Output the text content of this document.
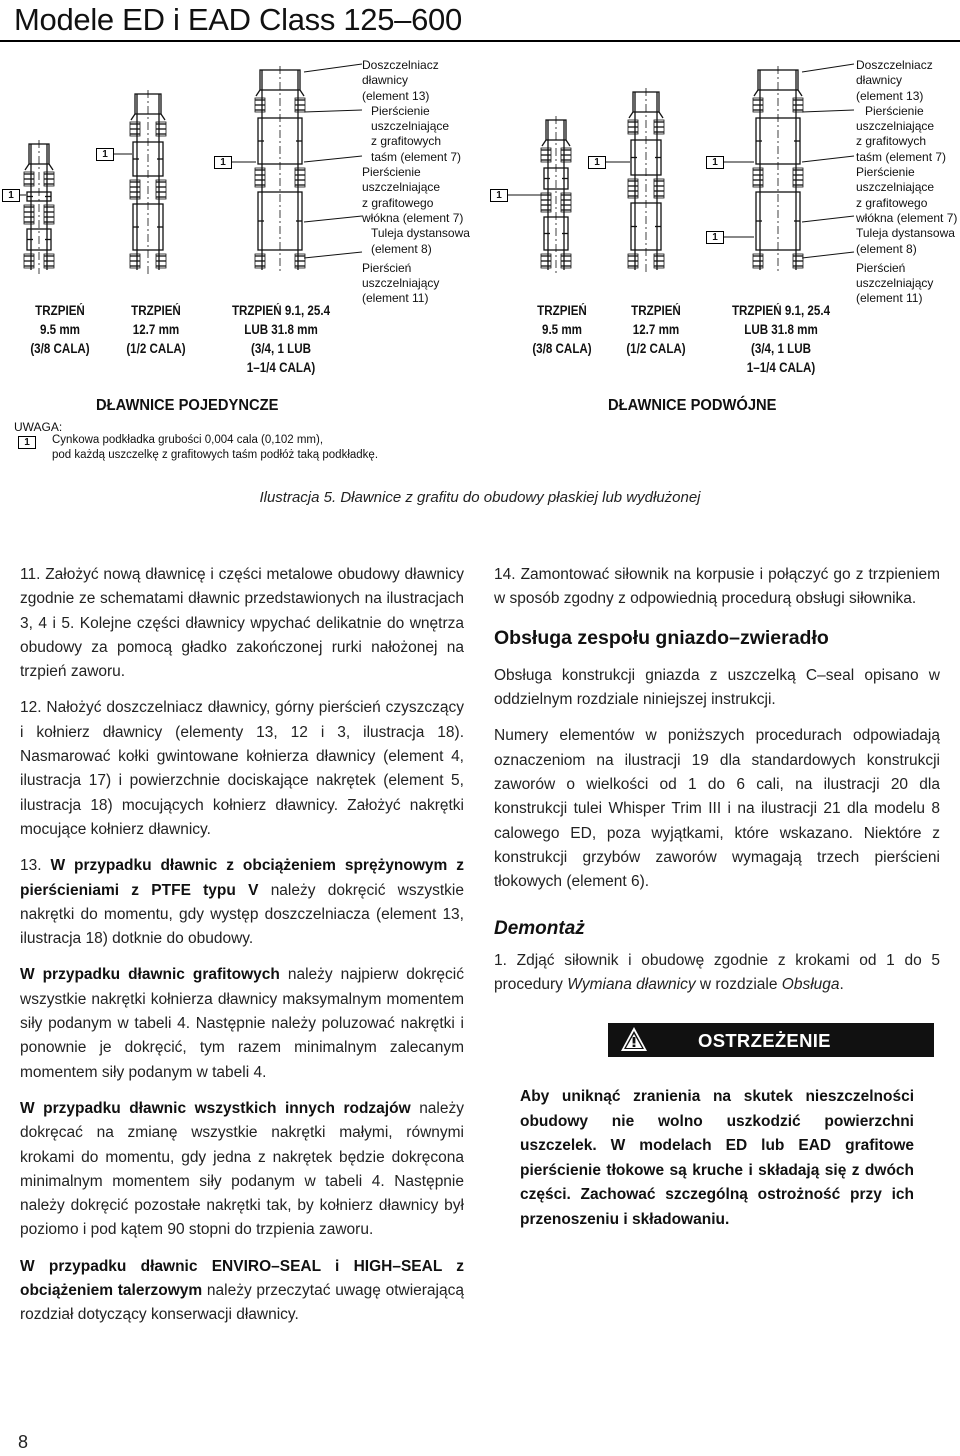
Modele ED i EAD Class 125–600
1
1
1
1
1	1
1
Doszczelniacz
dławnicy
(element 13)
Pierścienie
uszczelniające
z grafitowych
taśm (element 7)
Pierścienie
uszczelniające
z grafitowego
włókna (element 7)
Tuleja dystansowa
(element 8)
Pierścień
uszczelniający
(element 11)
Doszczelniacz
dławnicy
(element 13)
Pierścienie
uszczelniające
z grafitowych
taśm (element 7)
Pierścienie
uszczelniające
z grafitowego
włókna (element 7)
Tuleja dystansowa
(element 8)
Pierścień
uszczelniający
(element 11)
TRZPIEŃ
9.5 mm
(3/8 CALA)
TRZPIEŃ
12.7 mm
(1/2 CALA)
TRZPIEŃ 9.1, 25.4
LUB 31.8 mm
(3/4, 1 LUB
1–1/4 CALA)
TRZPIEŃ
9.5 mm
(3/8 CALA)
TRZPIEŃ
12.7 mm
(1/2 CALA)
TRZPIEŃ 9.1, 25.4
LUB 31.8 mm
(3/4, 1 LUB
1–1/4 CALA)
DŁAWNICE POJEDYNCZE	DŁAWNICE PODWÓJNE
UWAGA:
1	Cynkowa podkładka grubości 0,004 cala (0,102 mm),
pod każdą uszczelkę z grafitowych taśm podłóż taką podkładkę.
Ilustracja 5. Dławnice z grafitu do obudowy płaskiej lub wydłużonej

11. Założyć nową dławnicę i części metalowe obudowy dławnicy zgodnie ze schematami dławnic przedstawionych na ilustracjach 3, 4 i 5. Kolejne części dławnicy wpychać delikatnie do wnętrza obudowy za pomocą gładko zakończonej rurki nałożonej na trzpień zaworu.

12. Nałożyć doszczelniacz dławnicy, górny pierścień czyszczący i kołnierz dławnicy (elementy 13, 12 i 3, ilustracja 18). Nasmarować kołki gwintowane kołnierza dławnicy (element 4, ilustracja 17) i powierzchnie dociskające nakrętek (element 5, ilustracja 18) mocujących kołnierz dławnicy. Założyć nakrętki mocujące kołnierz dławnicy.

13. W przypadku dławnic z obciążeniem sprężynowym z pierścieniami z PTFE typu V należy dokręcić wszystkie nakrętki do momentu, gdy występ doszczelniacza (element 13, ilustracja 18) dotknie do obudowy.

W przypadku dławnic grafitowych należy najpierw dokręcić wszystkie nakrętki kołnierza dławnicy maksymalnym momentem siły podanym w tabeli 4. Następnie należy poluzować nakrętki i ponownie je dokręcić, tym razem minimalnym zalecanym momentem siły podanym w tabeli 4.

W przypadku dławnic wszystkich innych rodzajów należy dokręcać na zmianę wszystkie nakrętki małymi, równymi krokami do momentu, gdy jedna z nakrętek będzie dokręcona minimalnym momentem siły podanym w tabeli 4. Następnie należy dokręcić pozostałe nakrętki tak, by kołnierz dławnicy był poziomo i pod kątem 90 stopni do trzpienia zaworu.

W przypadku dławnic ENVIRO–SEAL i HIGH–SEAL z obciążeniem talerzowym należy przeczytać uwagę otwierającą rozdział dotyczący konserwacji dławnicy.

14. Zamontować siłownik na korpusie i połączyć go z trzpieniem w sposób zgodny z odpowiednią procedurą obsługi siłownika.

Obsługa zespołu gniazdo–zwieradło

Obsługa konstrukcji gniazda z uszczelką C–seal opisano w oddzielnym rozdziale niniejszej instrukcji.

Numery elementów w poniższych procedurach odpowiadają oznaczeniom na ilustracji 19 dla standardowych konstrukcji zaworów o wielkości od 1 do 6 cali, na ilustracji 20 dla konstrukcji tulei Whisper Trim III i na ilustracji 21 dla modelu 8 calowego ED, poza wyjątkami, które wskazano. Niektóre z konstrukcji grzybów zaworów wymagają trzech pierścieni tłokowych (element 6).

Demontaż

1. Zdjąć siłownik i obudowę zgodnie z krokami od 1 do 5 procedury Wymiana dławnicy w rozdziale Obsługa.

OSTRZEŻENIE
Aby uniknąć zranienia na skutek nieszczelności obudowy nie wolno uszkodzić powierzchni uszczelek. W modelach ED lub EAD grafitowe pierścienie tłokowe są kruche i składają się z dwóch części. Zachować szczególną ostrożność przy ich przenoszeniu i składowaniu.
8
